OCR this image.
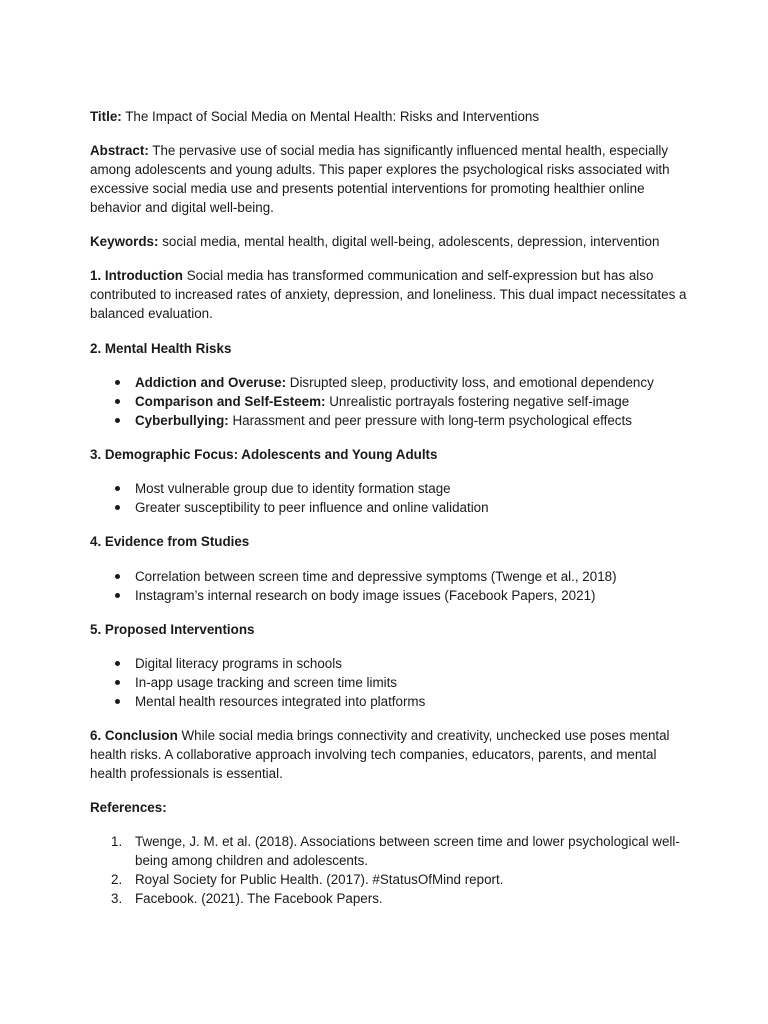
Title: The Impact of Social Media on Mental Health: Risks and Interventions

Abstract: The pervasive use of social media has significantly influenced mental health, especially among adolescents and young adults. This paper explores the psychological risks associated with excessive social media use and presents potential interventions for promoting healthier online behavior and digital well-being.

Keywords: social media, mental health, digital well-being, adolescents, depression, intervention

1. Introduction Social media has transformed communication and self-expression but has also contributed to increased rates of anxiety, depression, and loneliness. This dual impact necessitates a balanced evaluation.

2. Mental Health Risks

Addiction and Overuse: Disrupted sleep, productivity loss, and emotional dependency
Comparison and Self-Esteem: Unrealistic portrayals fostering negative self-image
Cyberbullying: Harassment and peer pressure with long-term psychological effects

3. Demographic Focus: Adolescents and Young Adults

Most vulnerable group due to identity formation stage
Greater susceptibility to peer influence and online validation

4. Evidence from Studies

Correlation between screen time and depressive symptoms (Twenge et al., 2018)
Instagram’s internal research on body image issues (Facebook Papers, 2021)

5. Proposed Interventions

Digital literacy programs in schools
In-app usage tracking and screen time limits
Mental health resources integrated into platforms

6. Conclusion While social media brings connectivity and creativity, unchecked use poses mental health risks. A collaborative approach involving tech companies, educators, parents, and mental health professionals is essential.

References:

1. Twenge, J. M. et al. (2018). Associations between screen time and lower psychological well-being among children and adolescents.
2. Royal Society for Public Health. (2017). #StatusOfMind report.
3. Facebook. (2021). The Facebook Papers.
